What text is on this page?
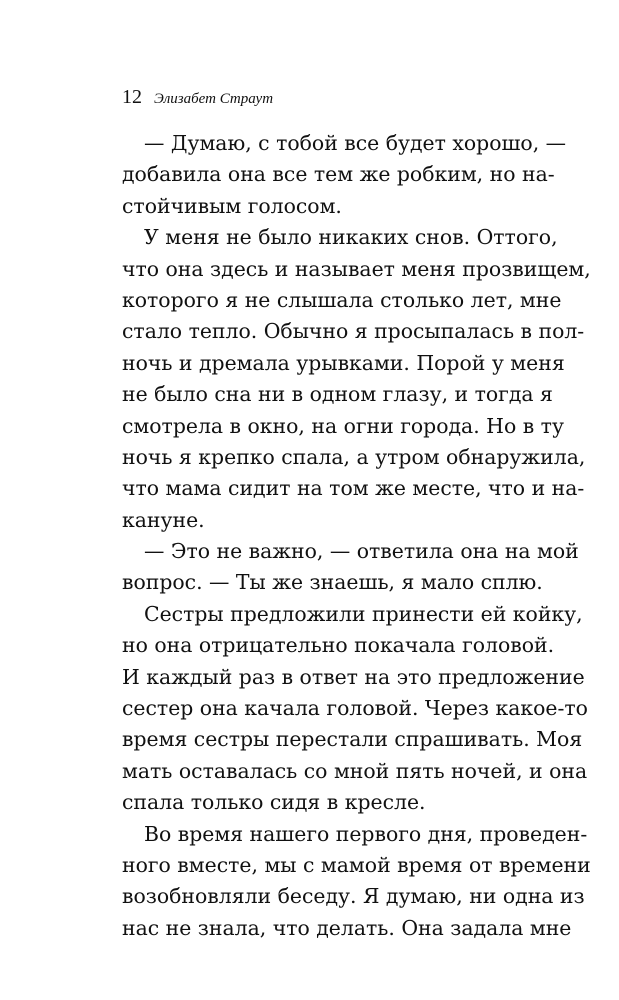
12 Элизабет Страут
— Думаю, с тобой все будет хорошо, —
добавила она все тем же робким, но на-
стойчивым голосом.
У меня не было никаких снов. Оттого,
что она здесь и называет меня прозвищем,
которого я не слышала столько лет, мне
стало тепло. Обычно я просыпалась в пол-
ночь и дремала урывками. Порой у меня
не было сна ни в одном глазу, и тогда я
смотрела в окно, на огни города. Но в ту
ночь я крепко спала, а утром обнаружила,
что мама сидит на том же месте, что и на-
кануне.
— Это не важно, — ответила она на мой
вопрос. — Ты же знаешь, я мало сплю.
Сестры предложили принести ей койку,
но она отрицательно покачала головой.
И каждый раз в ответ на это предложение
сестер она качала головой. Через какое-то
время сестры перестали спрашивать. Моя
мать оставалась со мной пять ночей, и она
спала только сидя в кресле.
Во время нашего первого дня, проведен-
ного вместе, мы с мамой время от времени
возобновляли беседу. Я думаю, ни одна из
нас не знала, что делать. Она задала мне
